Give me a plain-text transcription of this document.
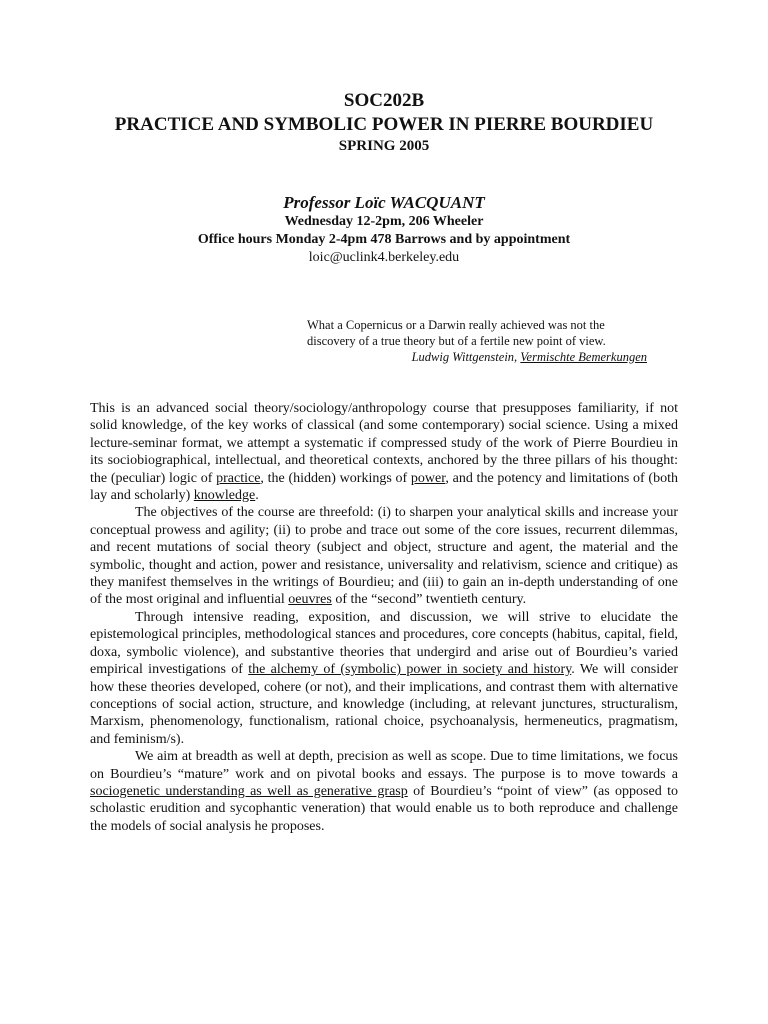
SOC202B
PRACTICE AND SYMBOLIC POWER IN PIERRE BOURDIEU
SPRING 2005
Professor Loïc WACQUANT
Wednesday 12-2pm, 206 Wheeler
Office hours Monday 2-4pm 478 Barrows and by appointment
loic@uclink4.berkeley.edu
What a Copernicus or a Darwin really achieved was not the discovery of a true theory but of a fertile new point of view.
Ludwig Wittgenstein, Vermischte Bemerkungen

This is an advanced social theory/sociology/anthropology course that presupposes familiarity, if not solid knowledge, of the key works of classical (and some contemporary) social science. Using a mixed lecture-seminar format, we attempt a systematic if compressed study of the work of Pierre Bourdieu in its sociobiographical, intellectual, and theoretical contexts, anchored by the three pillars of his thought: the (peculiar) logic of practice, the (hidden) workings of power, and the potency and limitations of (both lay and scholarly) knowledge.

The objectives of the course are threefold: (i) to sharpen your analytical skills and increase your conceptual prowess and agility; (ii) to probe and trace out some of the core issues, recurrent dilemmas, and recent mutations of social theory (subject and object, structure and agent, the material and the symbolic, thought and action, power and resistance, universality and relativism, science and critique) as they manifest themselves in the writings of Bourdieu; and (iii) to gain an in-depth understanding of one of the most original and influential oeuvres of the “second” twentieth century.

Through intensive reading, exposition, and discussion, we will strive to elucidate the epistemological principles, methodological stances and procedures, core concepts (habitus, capital, field, doxa, symbolic violence), and substantive theories that undergird and arise out of Bourdieu’s varied empirical investigations of the alchemy of (symbolic) power in society and history. We will consider how these theories developed, cohere (or not), and their implications, and contrast them with alternative conceptions of social action, structure, and knowledge (including, at relevant junctures, structuralism, Marxism, phenomenology, functionalism, rational choice, psychoanalysis, hermeneutics, pragmatism, and feminism/s).

We aim at breadth as well at depth, precision as well as scope. Due to time limitations, we focus on Bourdieu’s “mature” work and on pivotal books and essays. The purpose is to move towards a sociogenetic understanding as well as generative grasp of Bourdieu’s “point of view” (as opposed to scholastic erudition and sycophantic veneration) that would enable us to both reproduce and challenge the models of social analysis he proposes.
